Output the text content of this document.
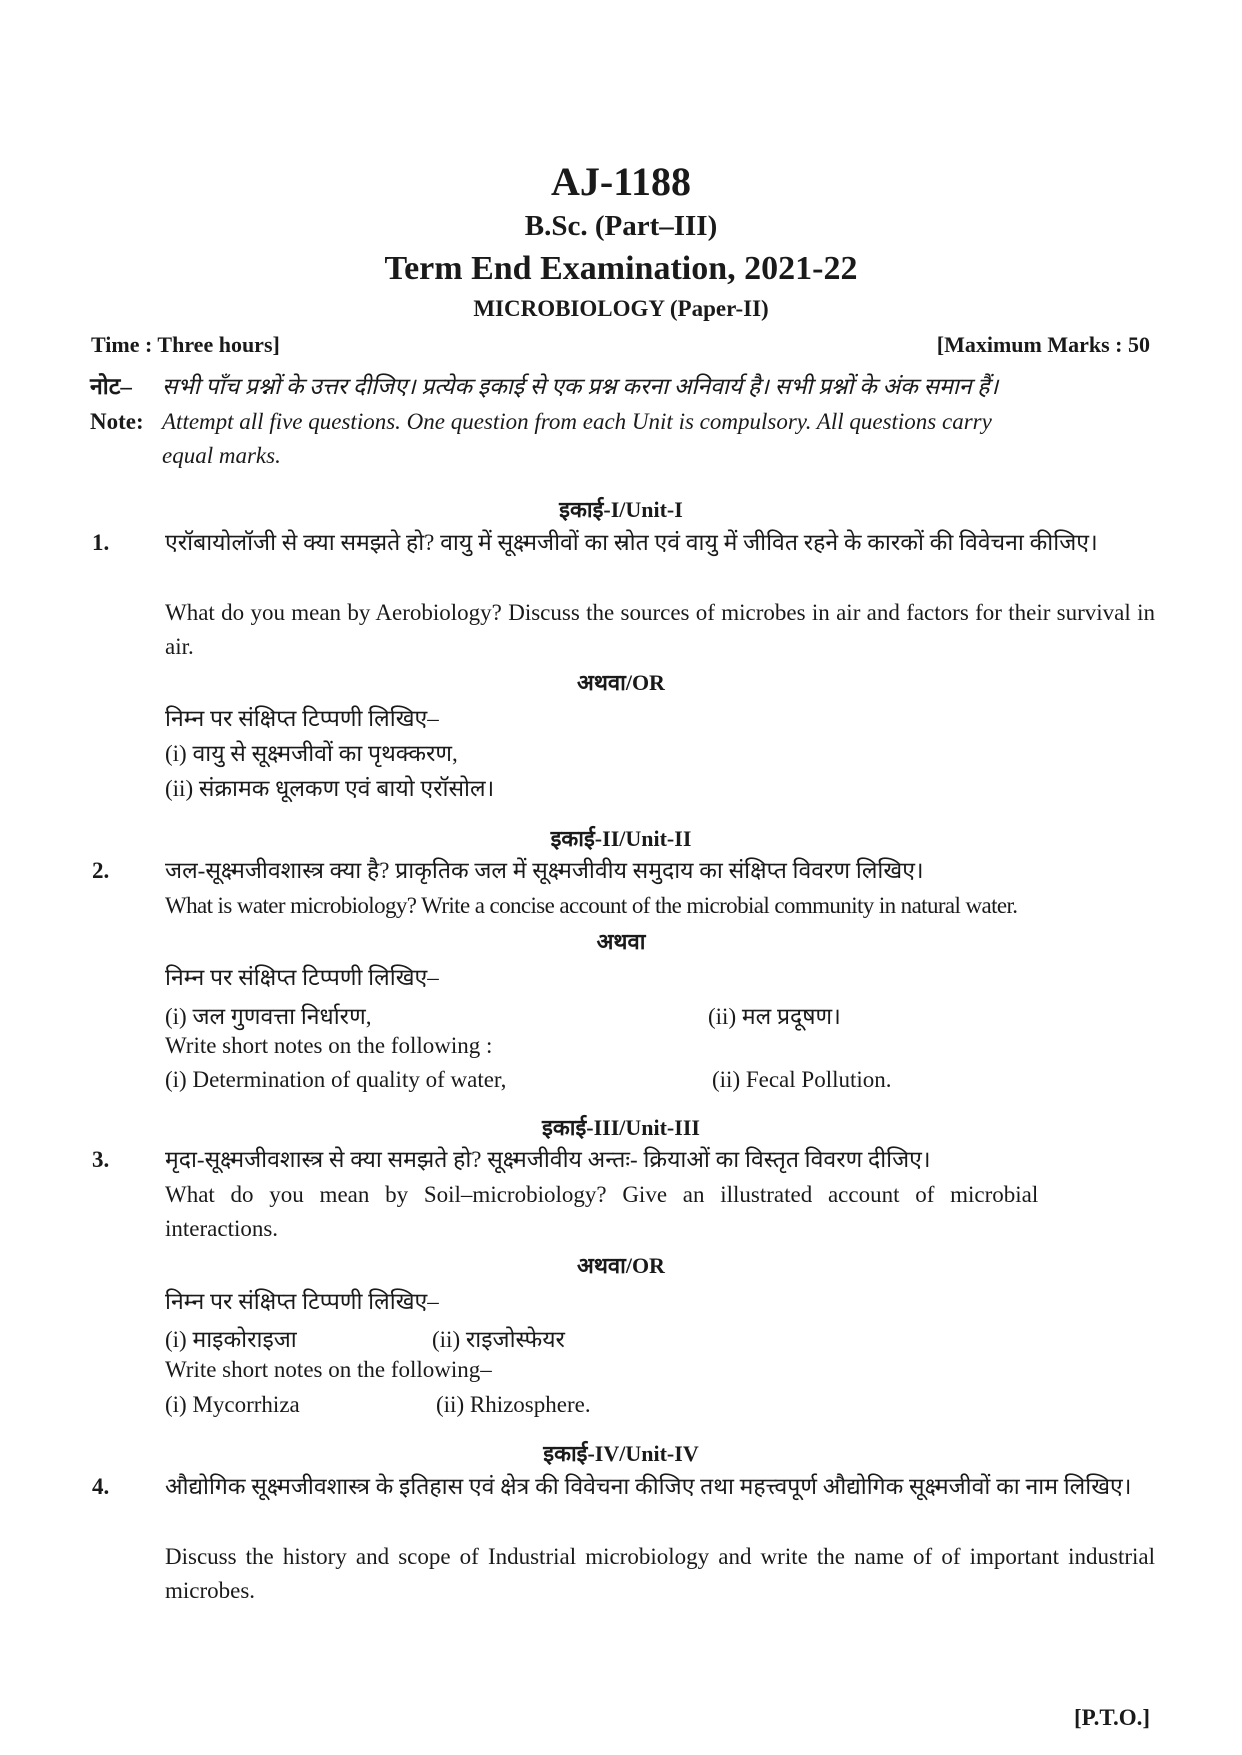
AJ-1188
B.Sc. (Part–III)
Term End Examination, 2021-22
MICROBIOLOGY (Paper-II)
Time : Three hours]	[Maximum Marks : 50
नोट– सभी पाँच प्रश्नों के उत्तर दीजिए। प्रत्येक इकाई से एक प्रश्न करना अनिवार्य है। सभी प्रश्नों के अंक समान हैं।
Note: Attempt all five questions. One question from each Unit is compulsory. All questions carry
equal marks.
इकाई-I/Unit-I
1. एरॉबायोलॉजी से क्या समझते हो? वायु में सूक्ष्मजीवों का स्रोत एवं वायु में जीवित रहने के कारकों की विवेचना कीजिए।
What do you mean by Aerobiology? Discuss the sources of microbes in air and factors for their survival in air.
अथवा/OR
निम्न पर संक्षिप्त टिप्पणी लिखिए–
(i) वायु से सूक्ष्मजीवों का पृथक्करण,
(ii) संक्रामक धूलकण एवं बायो एरॉसोल।
इकाई-II/Unit-II
2. जल-सूक्ष्मजीवशास्त्र क्या है? प्राकृतिक जल में सूक्ष्मजीवीय समुदाय का संक्षिप्त विवरण लिखिए।
What is water microbiology? Write a concise account of the microbial community in natural water.
अथवा
निम्न पर संक्षिप्त टिप्पणी लिखिए–
(i) जल गुणवत्ता निर्धारण,	(ii) मल प्रदूषण।
Write short notes on the following :
(i) Determination of quality of water,	(ii) Fecal Pollution.
इकाई-III/Unit-III
3. मृदा-सूक्ष्मजीवशास्त्र से क्या समझते हो? सूक्ष्मजीवीय अन्तः- क्रियाओं का विस्तृत विवरण दीजिए।
What do you mean by Soil–microbiology? Give an illustrated account of microbial
interactions.
अथवा/OR
निम्न पर संक्षिप्त टिप्पणी लिखिए–
(i) माइकोराइजा	(ii) राइजोस्फेयर
Write short notes on the following–
(i) Mycorrhiza	(ii) Rhizosphere.
इकाई-IV/Unit-IV
4. औद्योगिक सूक्ष्मजीवशास्त्र के इतिहास एवं क्षेत्र की विवेचना कीजिए तथा महत्त्वपूर्ण औद्योगिक सूक्ष्मजीवों का नाम लिखिए।
Discuss the history and scope of Industrial microbiology and write the name of of important industrial microbes.
[P.T.O.]
